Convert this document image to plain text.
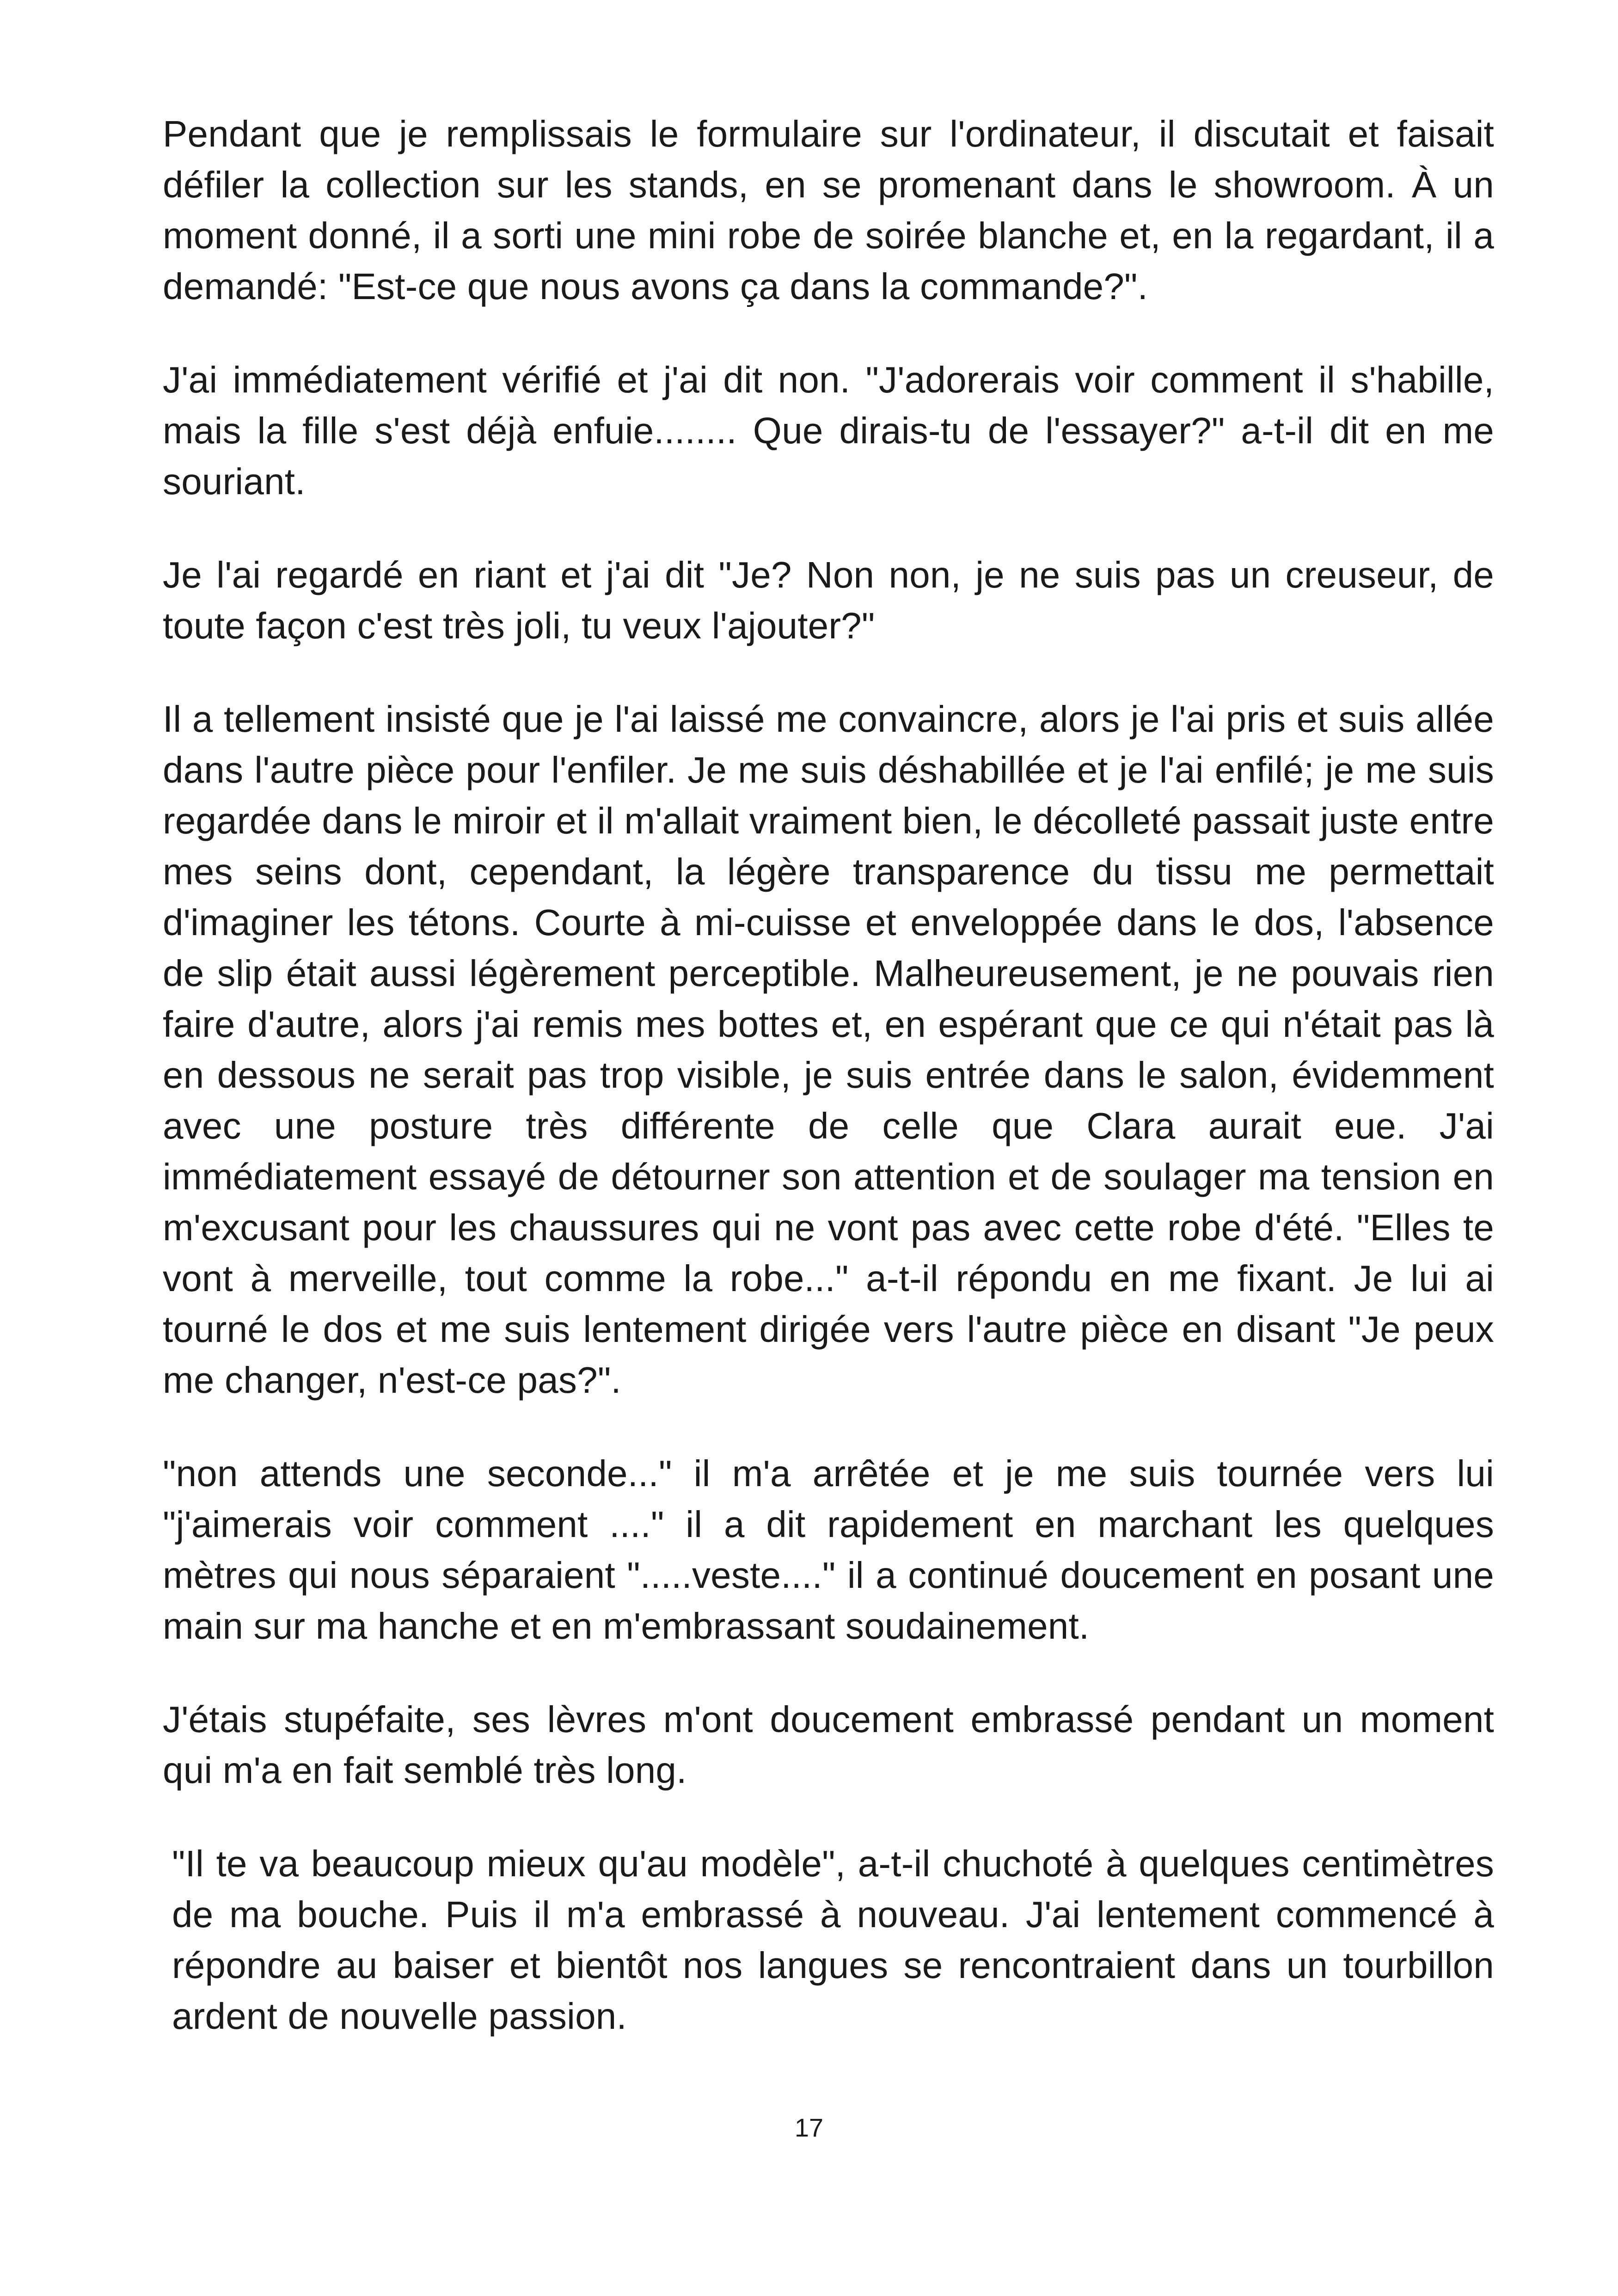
Pendant que je remplissais le formulaire sur l'ordinateur, il discutait et faisait défiler la collection sur les stands, en se promenant dans le showroom. À un moment donné, il a sorti une mini robe de soirée blanche et, en la regardant, il a demandé: "Est-ce que nous avons ça dans la commande?".

J'ai immédiatement vérifié et j'ai dit non. "J'adorerais voir comment il s'habille, mais la fille s'est déjà enfuie........ Que dirais-tu de l'essayer?" a-t-il dit en me souriant.

Je l'ai regardé en riant et j'ai dit "Je? Non non, je ne suis pas un creuseur, de toute façon c'est très joli, tu veux l'ajouter?"

Il a tellement insisté que je l'ai laissé me convaincre, alors je l'ai pris et suis allée dans l'autre pièce pour l'enfiler. Je me suis déshabillée et je l'ai enfilé; je me suis regardée dans le miroir et il m'allait vraiment bien, le décolleté passait juste entre mes seins dont, cependant, la légère transparence du tissu me permettait d'imaginer les tétons. Courte à mi-cuisse et enveloppée dans le dos, l'absence de slip était aussi légèrement perceptible. Malheureusement, je ne pouvais rien faire d'autre, alors j'ai remis mes bottes et, en espérant que ce qui n'était pas là en dessous ne serait pas trop visible, je suis entrée dans le salon, évidemment avec une posture très différente de celle que Clara aurait eue. J'ai immédiatement essayé de détourner son attention et de soulager ma tension en m'excusant pour les chaussures qui ne vont pas avec cette robe d'été. "Elles te vont à merveille, tout comme la robe..." a-t-il répondu en me fixant. Je lui ai tourné le dos et me suis lentement dirigée vers l'autre pièce en disant "Je peux me changer, n'est-ce pas?".

"non attends une seconde..." il m'a arrêtée et je me suis tournée vers lui "j'aimerais voir comment ...." il a dit rapidement en marchant les quelques mètres qui nous séparaient ".....veste...." il a continué doucement en posant une main sur ma hanche et en m'embrassant soudainement.

J'étais stupéfaite, ses lèvres m'ont doucement embrassé pendant un moment qui m'a en fait semblé très long.

"Il te va beaucoup mieux qu'au modèle", a-t-il chuchoté à quelques centimètres de ma bouche. Puis il m'a embrassé à nouveau. J'ai lentement commencé à répondre au baiser et bientôt nos langues se rencontraient dans un tourbillon ardent de nouvelle passion.

17
